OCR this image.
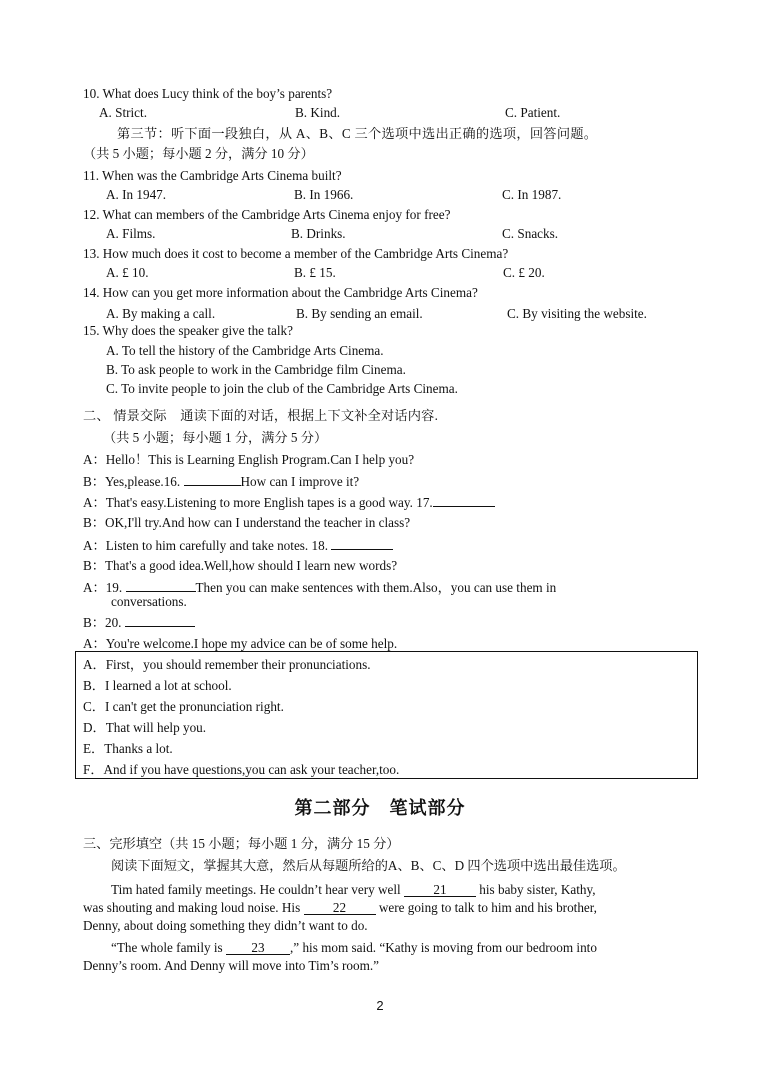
10. What does Lucy think of the boy’s parents?
A. Strict.	B. Kind.	C. Patient.
第三节：听下面一段独白，从 A、B、C 三个选项中选出正确的选项，回答问题。
（共 5 小题；每小题 2 分，满分 10 分）
11. When was the Cambridge Arts Cinema built?
A. In 1947.	B. In 1966.	C. In 1987.
12. What can members of the Cambridge Arts Cinema enjoy for free?
A. Films.	B. Drinks.	C. Snacks.
13. How much does it cost to become a member of the Cambridge Arts Cinema?
A. £ 10.	B. £ 15.	C. £ 20.
14. How can you get more information about the Cambridge Arts Cinema?
A. By making a call.	B. By sending an email.	C. By visiting the website.
15. Why does the speaker give the talk?
A. To tell the history of the Cambridge Arts Cinema.
B. To ask people to work in the Cambridge film Cinema.
C. To invite people to join the club of the Cambridge Arts Cinema.
二、 情景交际　通读下面的对话，根据上下文补全对话内容.
（共 5 小题；每小题 1 分，满分 5 分）
A：Hello！This is Learning English Program.Can I help you?
B：Yes,please.16.	How can I improve it?
A：That's easy.Listening to more English tapes is a good way. 17.
B：OK,I'll try.And how can I understand the teacher in class?
A：Listen to him carefully and take notes. 18.
B：That's a good idea.Well,how should I learn new words?
A：19.	Then you can make sentences with them.Also，you can use them in
conversations.
B：20.
A：You're welcome.I hope my advice can be of some help.
A．First，you should remember their pronunciations.
B．I learned a lot at school.
C．I can't get the pronunciation right.
D．That will help you.
E．Thanks a lot.
F．And if you have questions,you can ask your teacher,too.
第二部分　笔试部分
三、完形填空（共 15 小题；每小题 1 分，满分 15 分）
阅读下面短文，掌握其大意，然后从每题所给的A、B、C、D 四个选项中选出最佳选项。
Tim hated family meetings. He couldn’t hear very well 21 his baby sister, Kathy,
was shouting and making loud noise. His 22 were going to talk to him and his brother,
Denny, about doing something they didn’t want to do.
“The whole family is 23 ,” his mom said. “Kathy is moving from our bedroom into
Denny’s room. And Denny will move into Tim’s room.”
2
